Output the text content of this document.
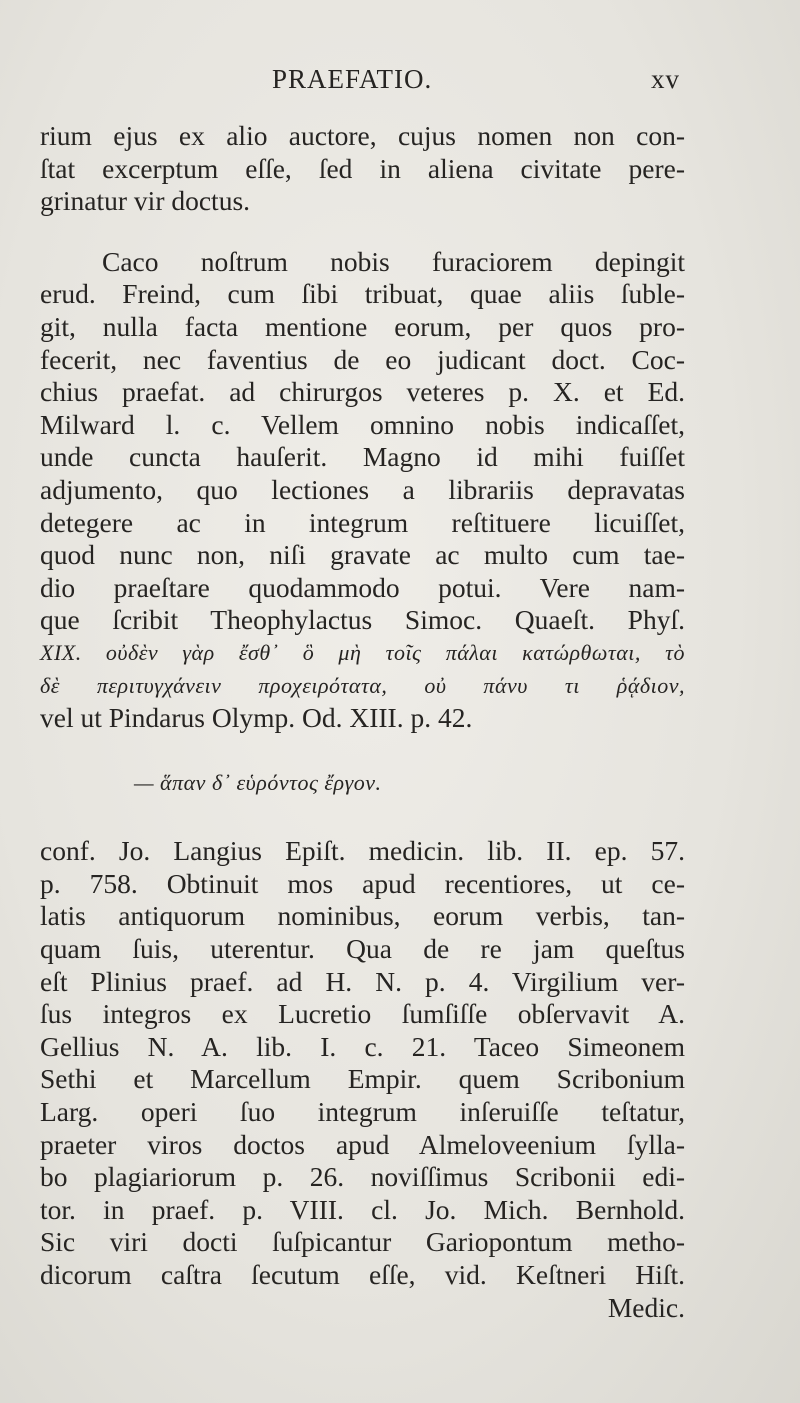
PRAEFATIO.	xv

rium ejus ex alio auctore, cujus nomen non con-
ſtat excerptum eſſe, ſed in aliena civitate pere-
grinatur vir doctus.

Caco noſtrum nobis furaciorem depingit
erud. Freind, cum ſibi tribuat, quae aliis ſuble-
git, nulla facta mentione eorum, per quos pro-
fecerit, nec faventius de eo judicant doct. Coc-
chius praefat. ad chirurgos veteres p. X. et Ed.
Milward l. c. Vellem omnino nobis indicaſſet,
unde cuncta hauſerit. Magno id mihi fuiſſet
adjumento, quo lectiones a librariis depravatas
detegere ac in integrum reſtituere licuiſſet,
quod nunc non, niſi gravate ac multo cum tae-
dio praeſtare quodammodo potui. Vere nam-
que ſcribit Theophylactus Simoc. Quaeſt. Phyſ.
XIX. οὐδὲν γὰρ ἔσθ᾽ ὃ μὴ τοῖς πάλαι κατώρθωται, τὸ
δὲ περιτυγχάνειν προχειρότατα, οὐ πάνυ τι ῥᾴδιον,
vel ut Pindarus Olymp. Od. XIII. p. 42.

— ἅπαν δ᾽ εὑρόντος ἔργον.

conf. Jo. Langius Epiſt. medicin. lib. II. ep. 57.
p. 758. Obtinuit mos apud recentiores, ut ce-
latis antiquorum nominibus, eorum verbis, tan-
quam ſuis, uterentur. Qua de re jam queſtus
eſt Plinius praef. ad H. N. p. 4. Virgilium ver-
ſus integros ex Lucretio ſumſiſſe obſervavit A.
Gellius N. A. lib. I. c. 21. Taceo Simeonem
Sethi et Marcellum Empir. quem Scribonium
Larg. operi ſuo integrum inſeruiſſe teſtatur,
praeter viros doctos apud Almeloveenium ſylla-
bo plagiariorum p. 26. noviſſimus Scribonii edi-
tor. in praef. p. VIII. cl. Jo. Mich. Bernhold.
Sic viri docti ſuſpicantur Gariopontum metho-
dicorum caſtra ſecutum eſſe, vid. Keſtneri Hiſt.

Medic.
